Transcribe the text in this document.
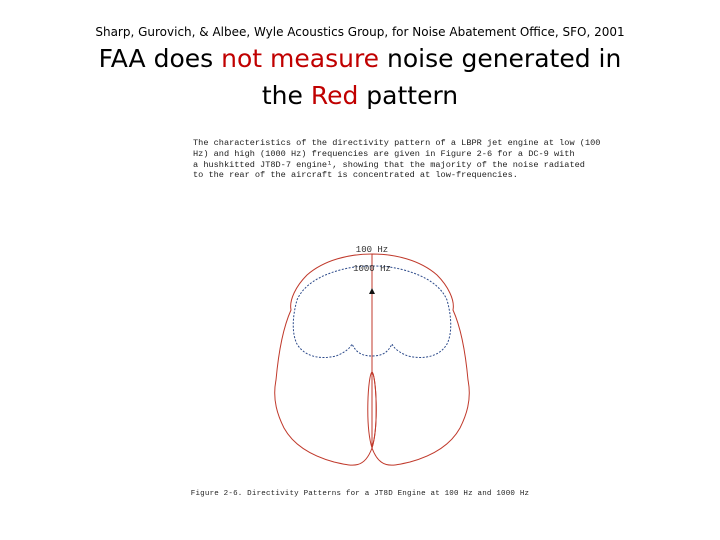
Sharp, Gurovich, & Albee, Wyle Acoustics Group, for Noise Abatement Office, SFO, 2001
FAA does not measure noise generated in
the Red pattern
The characteristics of the directivity pattern of a LBPR jet engine at low (100
Hz) and high (1000 Hz) frequencies are given in Figure 2-6 for a DC-9 with
a hushkitted JT8D-7 engine¹, showing that the majority of the noise radiated
to the rear of the aircraft is concentrated at low-frequencies.
100 Hz
1000 Hz
Figure 2-6. Directivity Patterns for a JT8D Engine at 100 Hz and 1000 Hz
